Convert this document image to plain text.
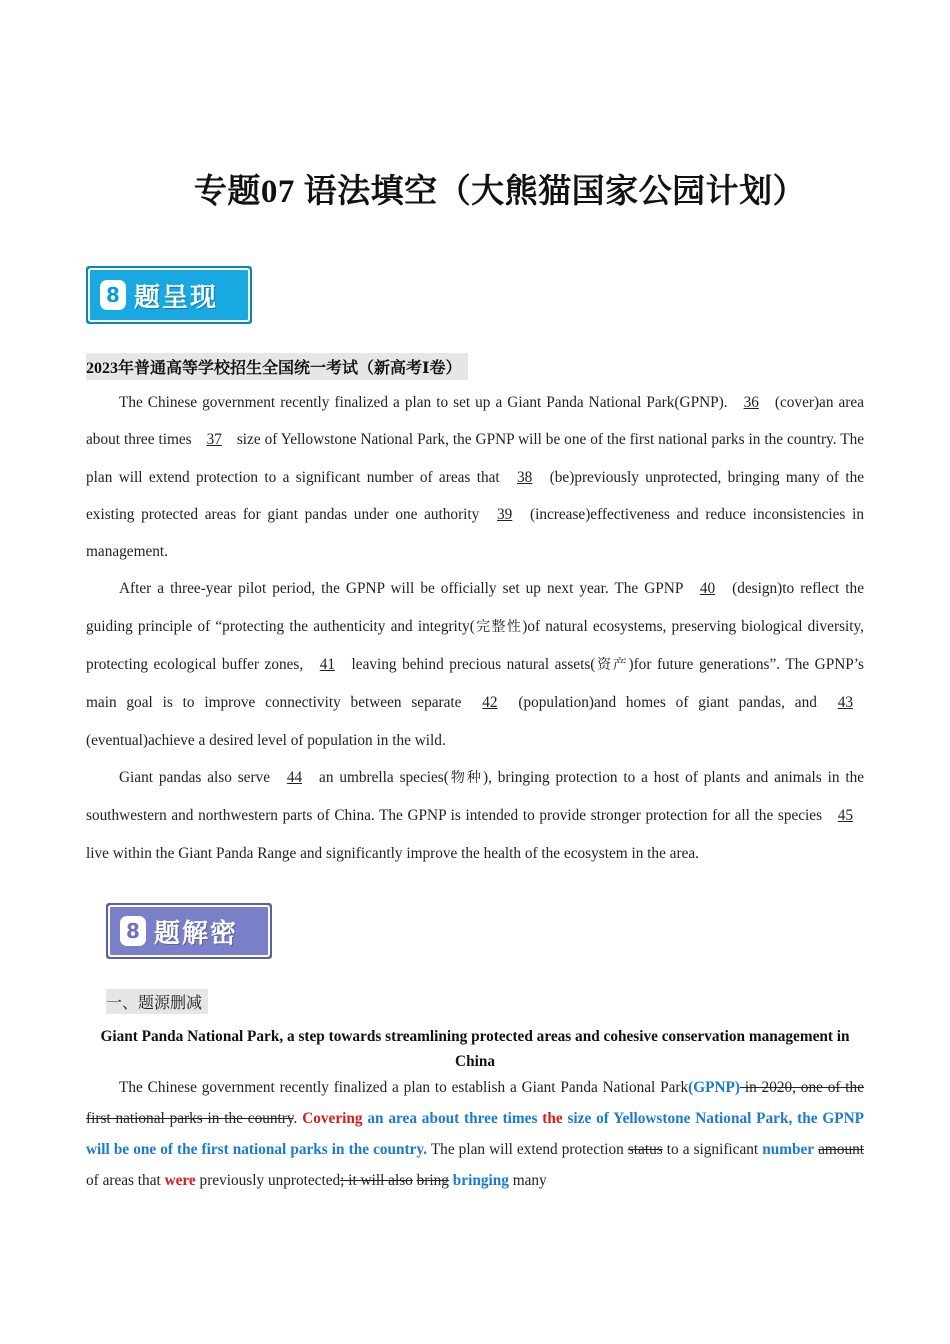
专题07 语法填空（大熊猫国家公园计划）
8 题呈现
2023年普通高等学校招生全国统一考试（新高考Ⅰ卷）

The Chinese government recently finalized a plan to set up a Giant Panda National Park(GPNP). 36 (cover)an area about three times 37 size of Yellowstone National Park, the GPNP will be one of the first national parks in the country. The plan will extend protection to a significant number of areas that 38 (be)previously unprotected, bringing many of the existing protected areas for giant pandas under one authority 39 (increase)effectiveness and reduce inconsistencies in management.

After a three-year pilot period, the GPNP will be officially set up next year. The GPNP 40 (design)to reflect the guiding principle of “protecting the authenticity and integrity(完整性)of natural ecosystems, preserving biological diversity, protecting ecological buffer zones, 41 leaving behind precious natural assets(资产)for future generations”. The GPNP’s main goal is to improve connectivity between separate 42 (population)and homes of giant pandas, and 43 (eventual)achieve a desired level of population in the wild.

Giant pandas also serve 44 an umbrella species(物种), bringing protection to a host of plants and animals in the southwestern and northwestern parts of China. The GPNP is intended to provide stronger protection for all the species 45 live within the Giant Panda Range and significantly improve the health of the ecosystem in the area.

8 题解密
一、题源删减
Giant Panda National Park, a step towards streamlining protected areas and cohesive conservation management in China

The Chinese government recently finalized a plan to establish a Giant Panda National Park(GPNP) in 2020, one of the first national parks in the country. Covering an area about three times the size of Yellowstone National Park, the GPNP will be one of the first national parks in the country. The plan will extend protection status to a significant number amount of areas that were previously unprotected; it will also bring bringing many
